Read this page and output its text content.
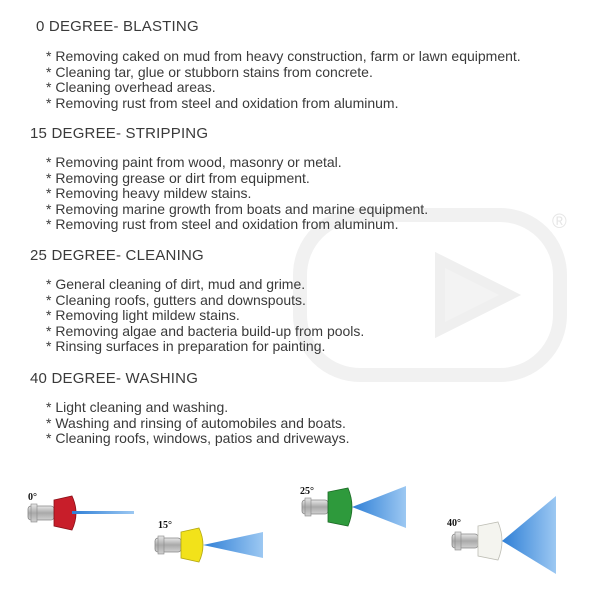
®
0 DEGREE- BLASTING
* Removing caked on mud from heavy construction, farm or lawn equipment.
* Cleaning tar, glue or stubborn stains from concrete.
* Cleaning overhead areas.
* Removing rust from steel and oxidation from aluminum.
15 DEGREE- STRIPPING
* Removing paint from wood, masonry or metal.
* Removing grease or dirt from equipment.
* Removing heavy mildew stains.
* Removing marine growth from boats and marine equipment.
* Removing rust from steel and oxidation from aluminum.
25 DEGREE- CLEANING
* General cleaning of dirt, mud and grime.
* Cleaning roofs, gutters and downspouts.
* Removing light mildew stains.
* Removing algae and bacteria build-up from pools.
* Rinsing surfaces in preparation for painting.
40 DEGREE- WASHING
* Light cleaning and washing.
* Washing and rinsing of automobiles and boats.
* Cleaning roofs, windows, patios and driveways.
0°
15°
25°
40°
